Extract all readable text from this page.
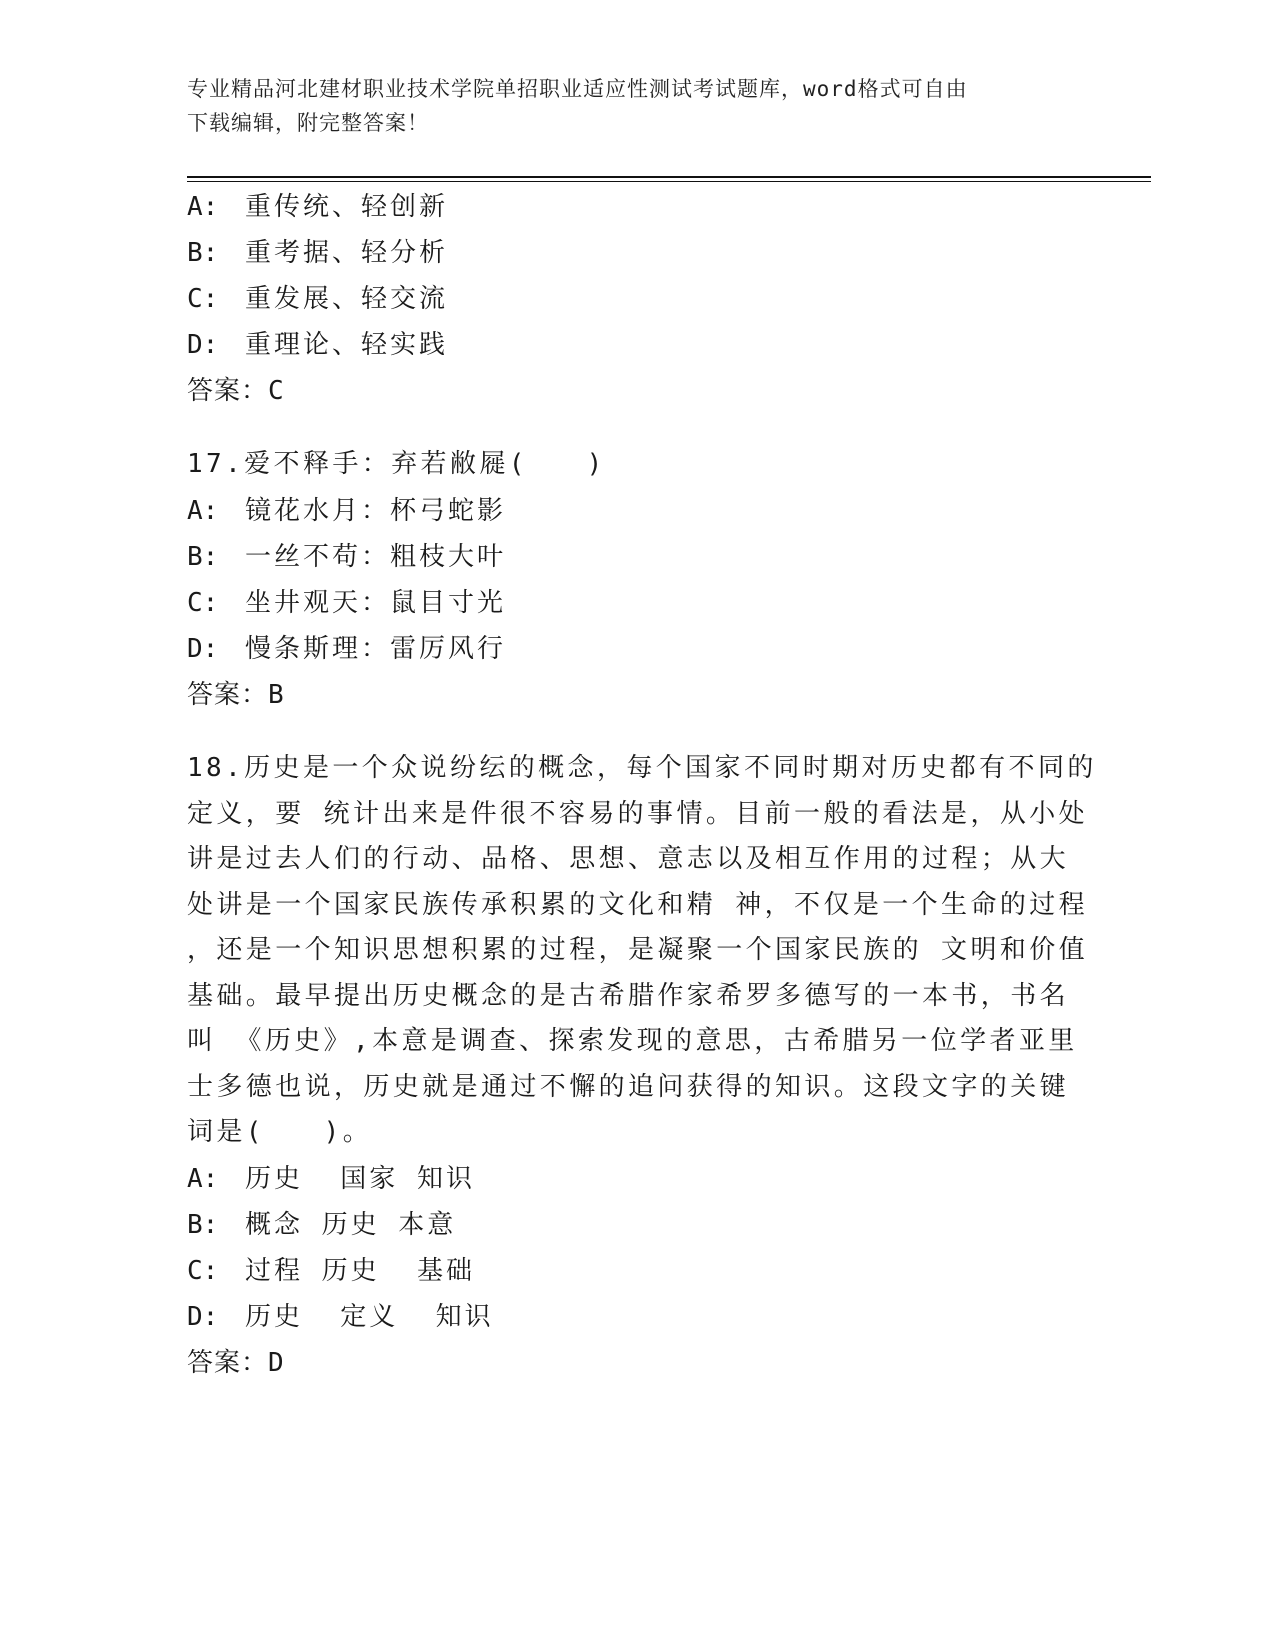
专业精品河北建材职业技术学院单招职业适应性测试考试题库，word格式可自由
下载编辑，附完整答案！
A:	重传统、轻创新
B:	重考据、轻分析
C:	重发展、轻交流
D:	重理论、轻实践
答案：C
17.爱不释手：弃若敝屣(　　)
A:	镜花水月：杯弓蛇影
B:	一丝不苟：粗枝大叶
C:	坐井观天：鼠目寸光
D:	慢条斯理：雷厉风行
答案：B
18.历史是一个众说纷纭的概念，每个国家不同时期对历史都有不同的
定义，要 统计出来是件很不容易的事情。目前一般的看法是，从小处
讲是过去人们的行动、品格、思想、意志以及相互作用的过程；从大
处讲是一个国家民族传承积累的文化和精 神，不仅是一个生命的过程
，还是一个知识思想积累的过程，是凝聚一个国家民族的 文明和价值
基础。最早提出历史概念的是古希腊作家希罗多德写的一本书，书名
叫 《历史》,本意是调查、探索发现的意思，古希腊另一位学者亚里
士多德也说，历史就是通过不懈的追问获得的知识。这段文字的关键
词是(　　)。
A:	历史  国家 知识
B:	概念 历史 本意
C:	过程 历史  基础
D:	历史  定义  知识
答案：D
